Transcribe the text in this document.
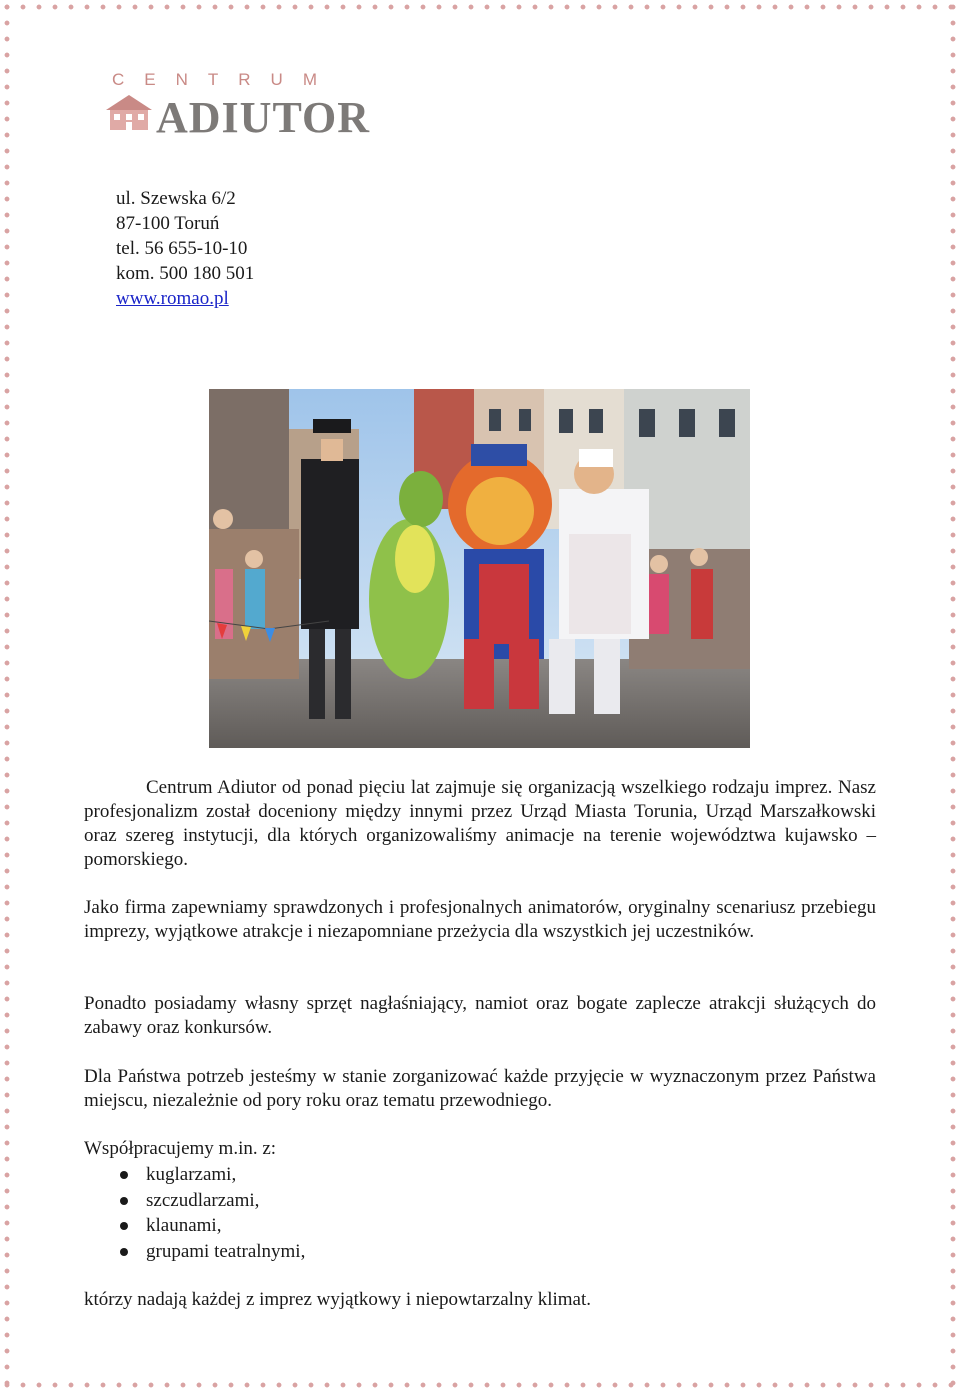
CENTRUM
ADIUTOR
ul. Szewska 6/2
87-100 Toruń
tel. 56 655-10-10
kom. 500 180 501
www.romao.pl

Centrum Adiutor od ponad pięciu lat zajmuje się organizacją wszelkiego rodzaju imprez. Nasz profesjonalizm został doceniony między innymi przez Urząd Miasta Torunia, Urząd Marszałkowski oraz szereg instytucji, dla których organizowaliśmy animacje na terenie województwa kujawsko – pomorskiego.

Jako firma zapewniamy sprawdzonych i profesjonalnych animatorów, oryginalny scenariusz przebiegu imprezy, wyjątkowe atrakcje i niezapomniane przeżycia dla wszystkich jej uczestników.

Ponadto posiadamy własny sprzęt nagłaśniający, namiot oraz bogate zaplecze atrakcji służących do zabawy oraz konkursów.

Dla Państwa potrzeb jesteśmy w stanie zorganizować każde przyjęcie w wyznaczonym przez Państwa miejscu, niezależnie od pory roku oraz tematu przewodniego.

Współpracujemy m.in. z:

kuglarzami,
szczudlarzami,
klaunami,
grupami teatralnymi,

którzy nadają każdej z imprez wyjątkowy i niepowtarzalny klimat.
